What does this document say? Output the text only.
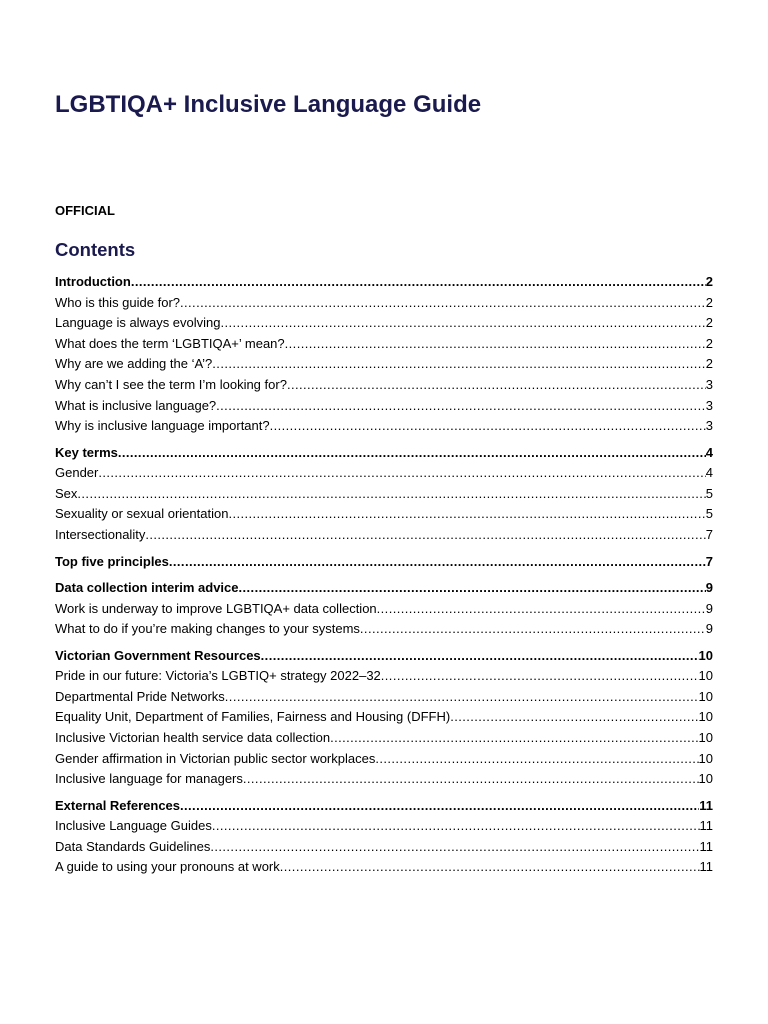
LGBTIQA+ Inclusive Language Guide
OFFICIAL
Contents
Introduction .....	2
Who is this guide for? .....	2
Language is always evolving .....	2
What does the term ‘LGBTIQA+’ mean? .....	2
Why are we adding the ‘A’? .....	2
Why can’t I see the term I’m looking for? .....	3
What is inclusive language? .....	3
Why is inclusive language important? .....	3
Key terms .....	4
Gender .....	4
Sex .....	5
Sexuality or sexual orientation .....	5
Intersectionality .....	7
Top five principles .....	7
Data collection interim advice .....	9
Work is underway to improve LGBTIQA+ data collection .....	9
What to do if you’re making changes to your systems .....	9
Victorian Government Resources .....	10
Pride in our future: Victoria’s LGBTIQ+ strategy 2022–32 .....	10
Departmental Pride Networks .....	10
Equality Unit, Department of Families, Fairness and Housing (DFFH) .....	10
Inclusive Victorian health service data collection .....	10
Gender affirmation in Victorian public sector workplaces .....	10
Inclusive language for managers .....	10
External References .....	11
Inclusive Language Guides .....	11
Data Standards Guidelines .....	11
A guide to using your pronouns at work .....	11
